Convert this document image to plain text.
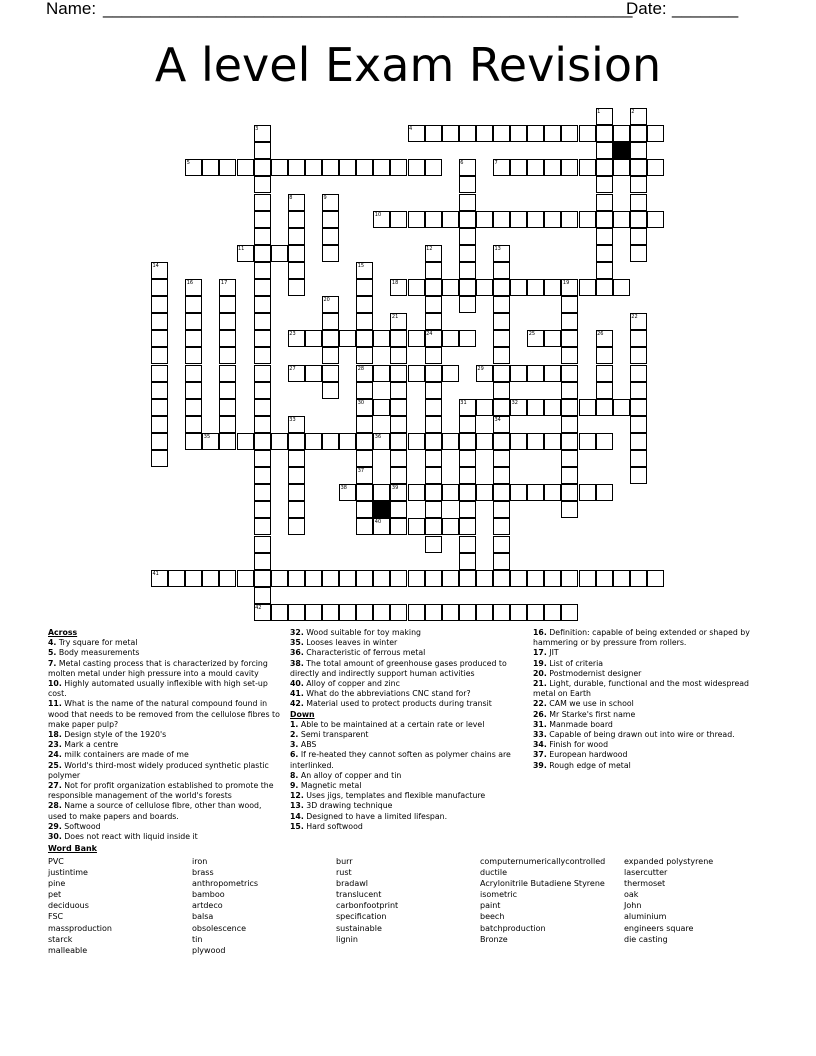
Name: ________________________________________________________
Date: _______
A level Exam Revision
1	2
3	4
5	6	7
8	9
10
11	12	13
14	15
16	17	18	19
20
21	22
23	24	25	26
27	28	29
30	31	32
33	34
35	36
37
38	39
40
41
42
Across
4. Try square for metal
5. Body measurements
7. Metal casting process that is characterized by forcing molten metal under high pressure into a mould cavity
10. Highly automated usually inflexible with high set-up cost.
11. What is the name of the natural compound found in wood that needs to be removed from the cellulose fibres to make paper pulp?
18. Design style of the 1920's
23. Mark a centre
24. milk containers are made of me
25. World's third-most widely produced synthetic plastic polymer
27. Not for profit organization established to promote the responsible management of the world's forests
28. Name a source of cellulose fibre, other than wood, used to make papers and boards.
29. Softwood
30. Does not react with liquid inside it
32. Wood suitable for toy making
35. Looses leaves in winter
36. Characteristic of ferrous metal
38. The total amount of greenhouse gases produced to directly and indirectly support human activities
40. Alloy of copper and zinc
41. What do the abbreviations CNC stand for?
42. Material used to protect products during transit
Down
1. Able to be maintained at a certain rate or level
2. Semi transparent
3. ABS
6. If re-heated they cannot soften as polymer chains are interlinked.
8. An alloy of copper and tin
9. Magnetic metal
12. Uses jigs, templates and flexible manufacture
13. 3D drawing technique
14. Designed to have a limited lifespan.
15. Hard softwood
16. Definition: capable of being extended or shaped by hammering or by pressure from rollers.
17. JIT
19. List of criteria
20. Postmodernist designer
21. Light, durable, functional and the most widespread metal on Earth
22. CAM we use in school
26. Mr Starke's first name
31. Manmade board
33. Capable of being drawn out into wire or thread.
34. Finish for wood
37. European hardwood
39. Rough edge of metal
Word Bank
PVC
justintime
pine
pet
deciduous
FSC
massproduction
starck
malleable
iron
brass
anthropometrics
bamboo
artdeco
balsa
obsolescence
tin
plywood
burr
rust
bradawl
translucent
carbonfootprint
specification
sustainable
lignin
computernumericallycontrolled
ductile
Acrylonitrile Butadiene Styrene
isometric
paint
beech
batchproduction
Bronze
expanded polystyrene
lasercutter
thermoset
oak
John
aluminium
engineers square
die casting
